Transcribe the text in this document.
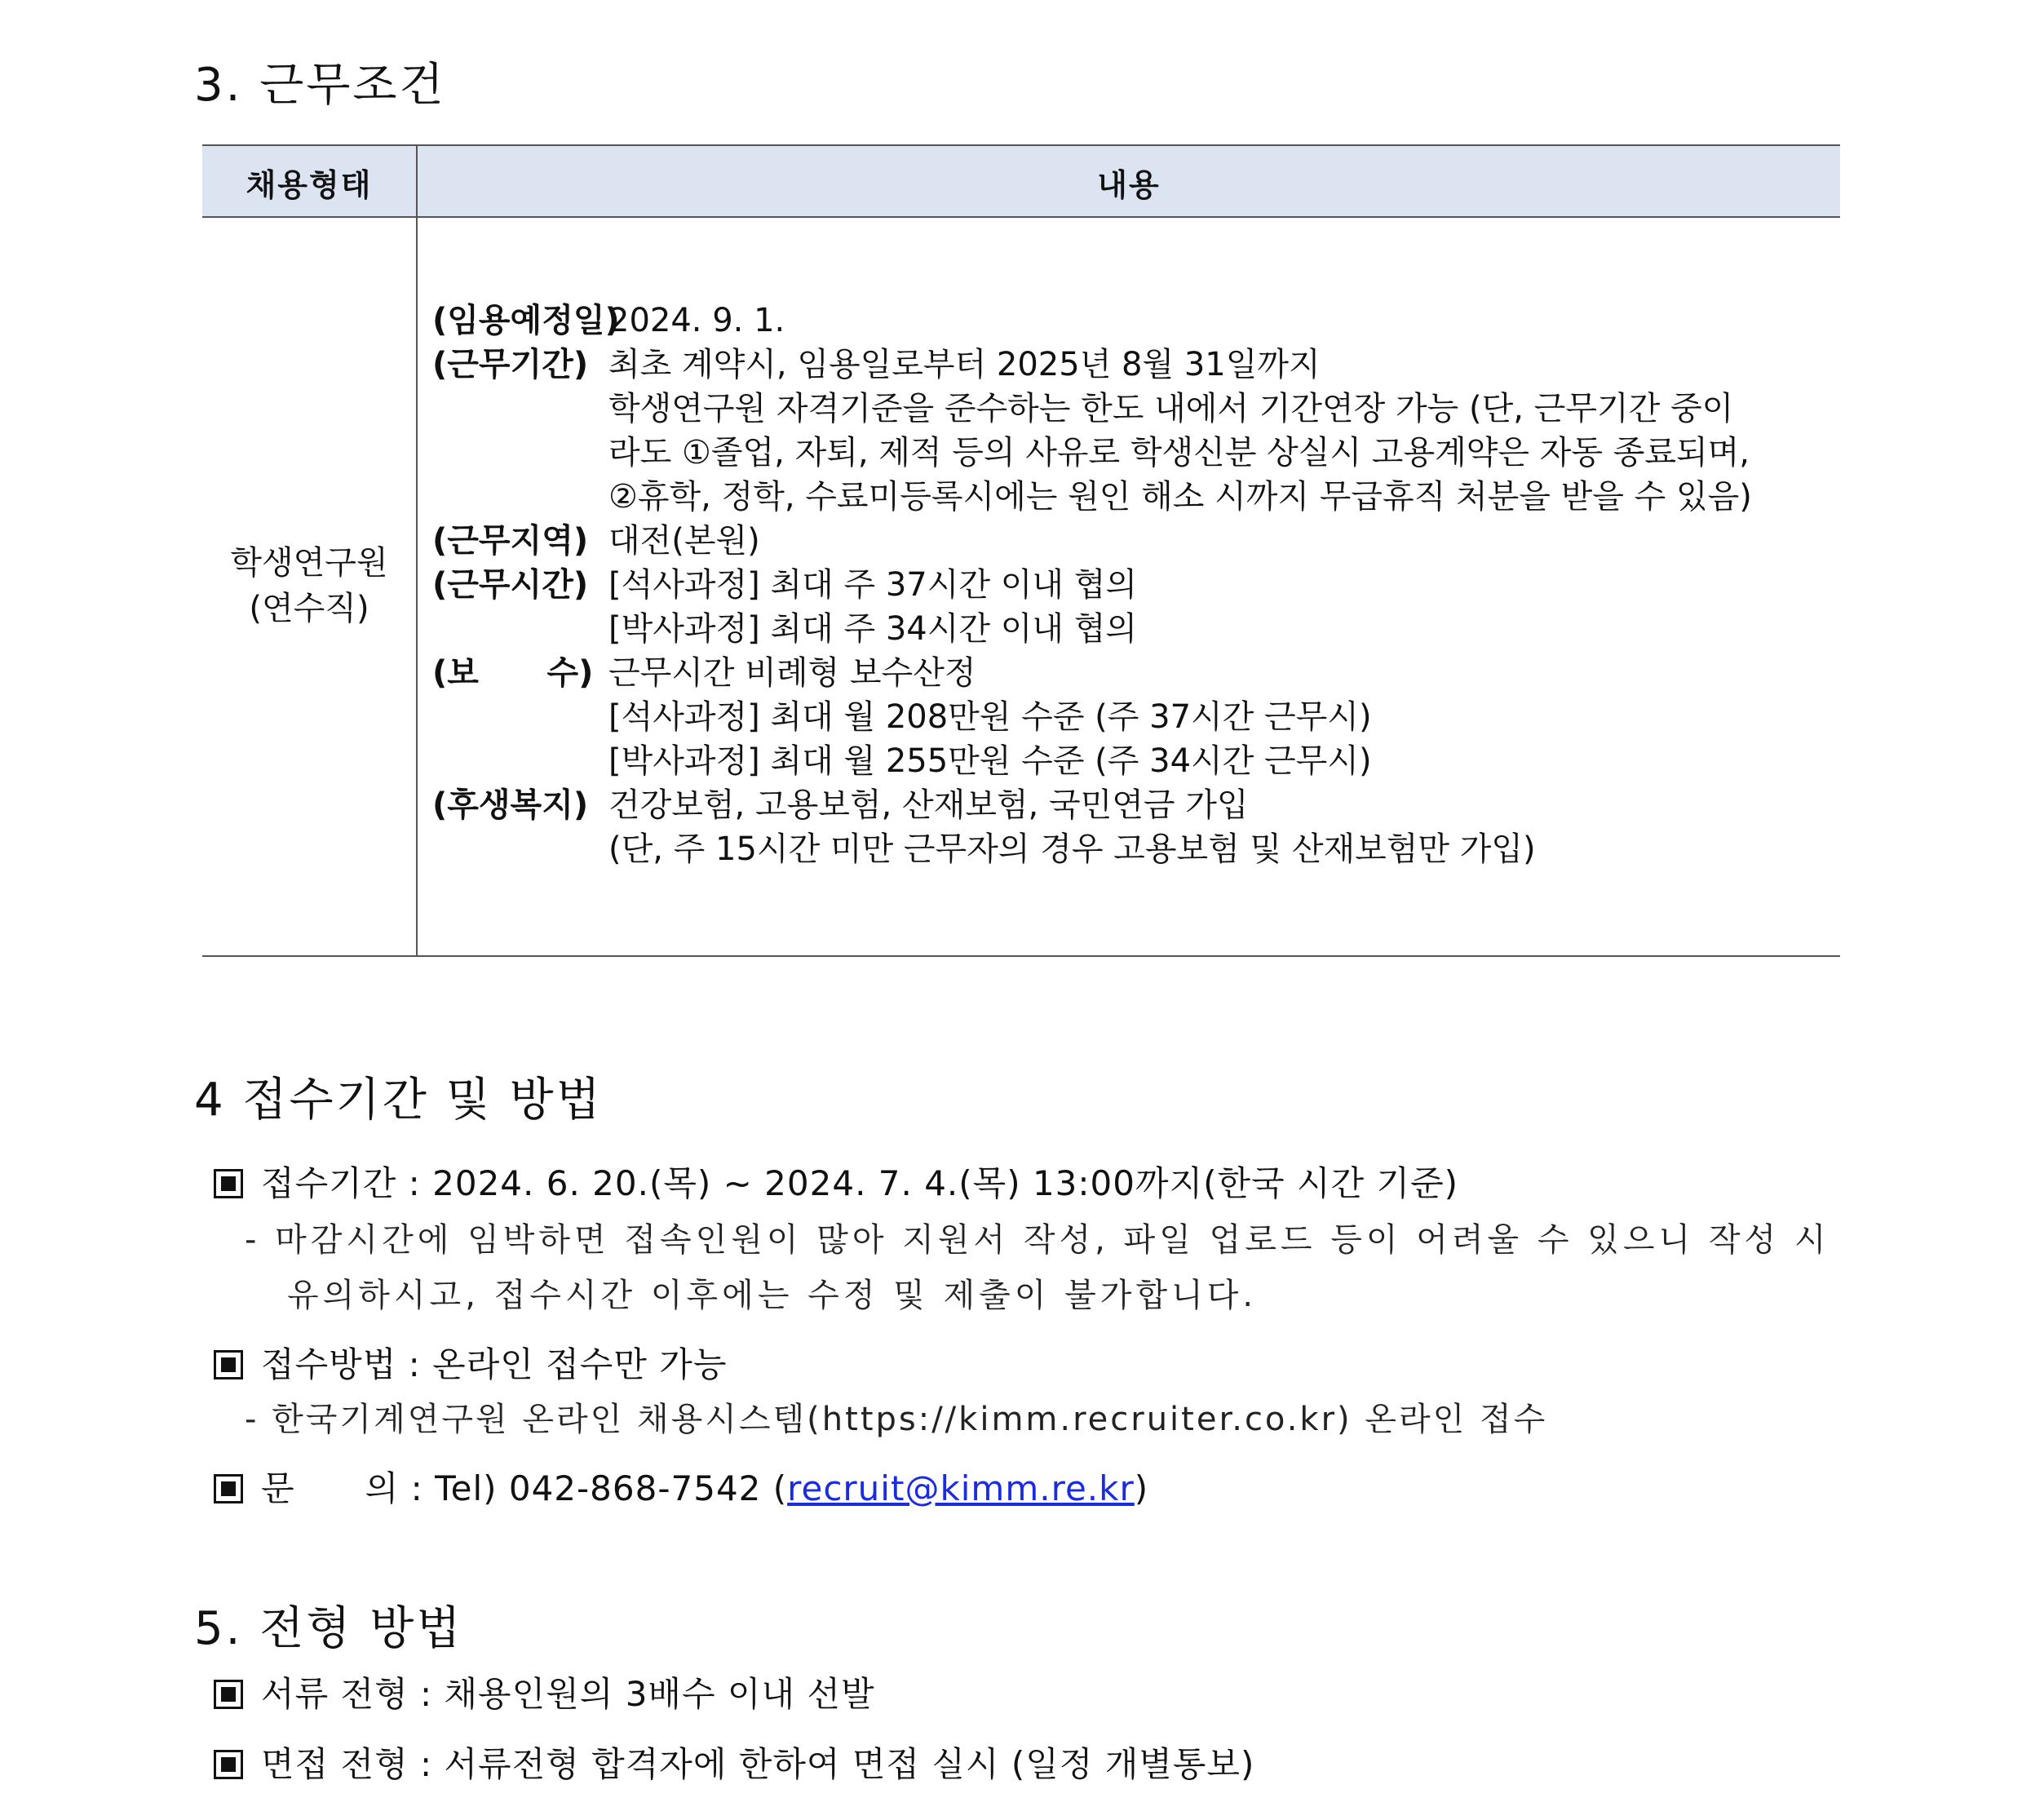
3. 근무조건
채용형태	내용
학생연구원
(연수직)
(임용예정일)2024. 9. 1.
(근무기간) 최초 계약시, 임용일로부터 2025년 8월 31일까지
학생연구원 자격기준을 준수하는 한도 내에서 기간연장 가능 (단, 근무기간 중이
라도 ①졸업, 자퇴, 제적 등의 사유로 학생신분 상실시 고용계약은 자동 종료되며,
②휴학, 정학, 수료미등록시에는 원인 해소 시까지 무급휴직 처분을 받을 수 있음)
(근무지역) 대전(본원)
(근무시간) [석사과정] 최대 주 37시간 이내 협의
[박사과정] 최대 주 34시간 이내 협의
(보      수) 근무시간 비례형 보수산정
[석사과정] 최대 월 208만원 수준 (주 37시간 근무시)
[박사과정] 최대 월 255만원 수준 (주 34시간 근무시)
(후생복지) 건강보험, 고용보험, 산재보험, 국민연금 가입
(단, 주 15시간 미만 근무자의 경우 고용보험 및 산재보험만 가입)
4 접수기간 및 방법
접수기간 : 2024. 6. 20.(목) ~ 2024. 7. 4.(목) 13:00까지(한국 시간 기준)
- 마감시간에 임박하면 접속인원이 많아 지원서 작성, 파일 업로드 등이 어려울 수 있으니 작성 시
유의하시고, 접수시간 이후에는 수정 및 제출이 불가합니다.
접수방법 : 온라인 접수만 가능
- 한국기계연구원 온라인 채용시스템(https://kimm.recruiter.co.kr) 온라인 접수
문      의 : Tel) 042-868-7542 (recruit@kimm.re.kr)
5. 전형 방법
서류 전형 : 채용인원의 3배수 이내 선발
면접 전형 : 서류전형 합격자에 한하여 면접 실시 (일정 개별통보)
